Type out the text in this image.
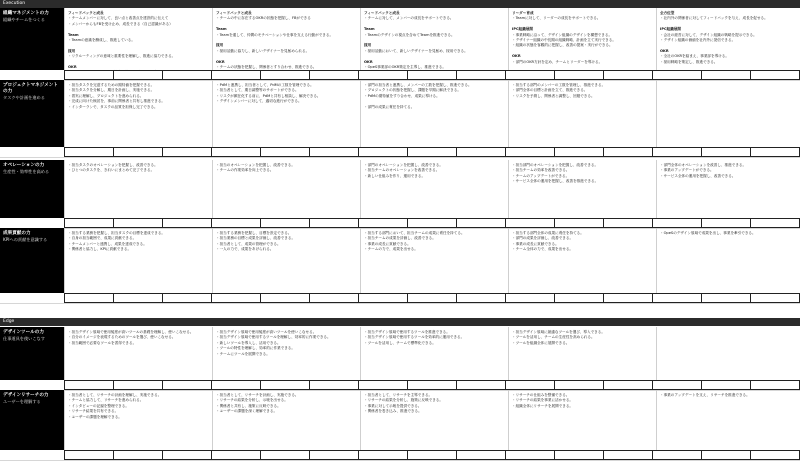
Execution
組織マネジメントの力
組織やチームをつくる
フィードバックと成長
・チームメンバーに対して、良い点と改善点を建設的に伝えて
・メンバーからもFBを受け止め、成長できる（自己認識がある）

Team
・Teamの意識を醸成し、推進している。

採用
・リクルーティングの意味と重要性を理解し、推進に協力できる。

OKR
フィードバックと成長
・チームの中に存在するOKRの状態を把握し、FBができる

Team
・Teamを通して、仲間のモチベーションや仕事を支える行動ができる。

採用
・採用活動に協力し、新しいデザイナーを見極められる。

OKR
・チームの状態を把握し、関係者とすり合わせ、推進できる。
フィードバックと成長
・チームに対して、メンバーの成長をサポートできる。

Team
・Teamのデザインの視点を含めてTeamを推進できる。

採用
・採用活動において、新しいデザイナーを見極め、採用できる。

OKR
・OpeS事業部のOKR策定を主導し、推進できる。
リーダー育成
・Teamに対して、リーダーの成長をサポートできる。

IPC組織展開
・事業戦略に沿って、デザイン組織のデザインを構想できる。
・デザイナー組織の中長期の組織戦略、計画を立て実行できる。
・組織の状態を客観的に把握し、改善の提案・実行ができる。

OKR
・部門のOKR方針を定め、チームとリーダーを導ける。
全方位型
・社内外の関係者に対してフィードバックを与え、成長を促せる。

IPC組織展開
・会社の経営に対して、デザイン組織の戦略を提示できる。
・デザイン組織の価値を社内外に発信できる。

OKR
・全社のOKRを踏まえ、事業部を導ける。
・採用戦略を策定し、推進できる。
プロジェクトマネジメントの力
タスクや計画を進める
・担当タスクを完遂するための期待値を把握できる。
・担当タスクを分解し、期日を計画し、実施できる。
・着実に理解し、プロジェクトを進められる。
・完成に向けた検討を、事前に関係者と共有し推進できる。
・インターランで、タスクの品質を担保し完了できる。
・PdMと連携し、担当者として、PdMの工数を管理できる。
・担当者として、期日調整等のサポートができる。
・リスクが顕在化する前に、PdMと共有し相談し、解決できる。
・デザインメンバーに対して、適切な進行ができる。
・部門の担当者と連携し、メンバーの工数を把握し、推進できる。
・プロジェクトの状態を把握し、課題を早期に解決できる。
・PdMの期待値をすり合わせ、成果に導ける。

・部門の成果に責任を持てる。
・担当する部門のメンバーの工数を管理し、推進できる。
・部門全体の目標と計画を立て、推進できる。
・リスクを予測し、関係者と調整し、回避できる。
オペレーションの力
生産性・効率性を高める
・担当タスクのオペレーションを把握し、改善できる。
・ひとつのタスクを、きれいにまとめて完了できる。
・担当のオペレーションを把握し、改善できる。
・チームの作業効率を向上できる。
・部門のオペレーションを把握し、改善できる。
・担当チームのオペレーションを改善できる。
・新しい仕組みを作り、運用できる。
・担当部門のオペレーションを把握し、改善できる。
・担当チームの効率を改善できる。
・チームのアップデートができる。
・サービス全体の運用を把握し、改善を推進できる。
・部門全体のオペレーションを改善し、推進できる。
・事業のアップデートができる。
・サービス全体の運用を把握し、改善できる。
成果貢献の力
KPIへの貢献を意識する
・担当する業務を把握し、担当タスクの目標を達成できる。
・自身の担当範囲で、成果に貢献できる。
・チームメンバーと連携し、成果を達成できる。
・関係者と協力し、KPIに貢献できる。
・担当する業務を把握し、目標を設定できる。
・担当業務の目標と成果を評価し、改善できる。
・担当者として、成果の管理ができる。
・一人の力で、成果をあげられる。
・担当する部門において、担当チームの成果に責任を持てる。
・担当チームの成果を評価し、改善できる。
・事業の成長に貢献できる。
・チームの力で、成果を出せる。
・担当する部門全体の成果に責任を持てる。
・部門の成果を評価し、改善できる。
・事業の成長に貢献できる。
・チーム全体の力で、成果を出せる。
・OpeSのデザイン領域で成果を出し、事業を牽引できる。
デザインツールの力
仕事道具を使いこなす
・担当デザイン領域で使用頻度が高いツールの基礎を理解し、使いこなせる。
・自分のイメージを表現するためのツールを選び、使いこなせる。
・担当範囲で必要なツールを習得できる。
・担当デザイン領域で使用頻度が高いツールを使いこなせる。
・担当デザイン領域で使用するツールを理解し、効率的に作業できる。
・新しいツールを導入し、活用できる。
・ツールの特性を理解し、効率的に作業できる。
・チームにツールを展開できる。
・担当デザイン領域で使用するツールを推進できる。
・担当デザイン領域で使用するツールを効率的に運用できる。
・ツールを活用し、チームで標準化できる。
・担当デザイン領域に最適なツールを選び、導入できる。
・ツールを活用し、チームの生産性を高められる。
・ツールを組織全体に展開できる。
デザインリサーチの力
ユーザーを理解する
・担当者として、リサーチの計画を理解し、実施できる。
・チームと協力して、リサーチを進められる。
・インタビューの記録を整理できる。
・リサーチ結果を共有できる。
・ユーザーの課題を理解できる。
・担当者として、リサーチを計画し、実施できる。
・リサーチの結果を分析し、示唆を出せる。
・関係者と共有し、施策に反映できる。
・ユーザーの課題を深く理解できる。
・担当者として、リサーチを主導できる。
・リサーチの結果を分析し、施策に反映できる。
・事業に対して示唆を提供できる。
・関係者を巻き込み、推進できる。
・リサーチの仕組みを整備できる。
・リサーチの結果を事業に活かせる。
・組織全体にリサーチを展開できる。
・事業のアップデートを支え、リサーチを推進できる。
Edge
